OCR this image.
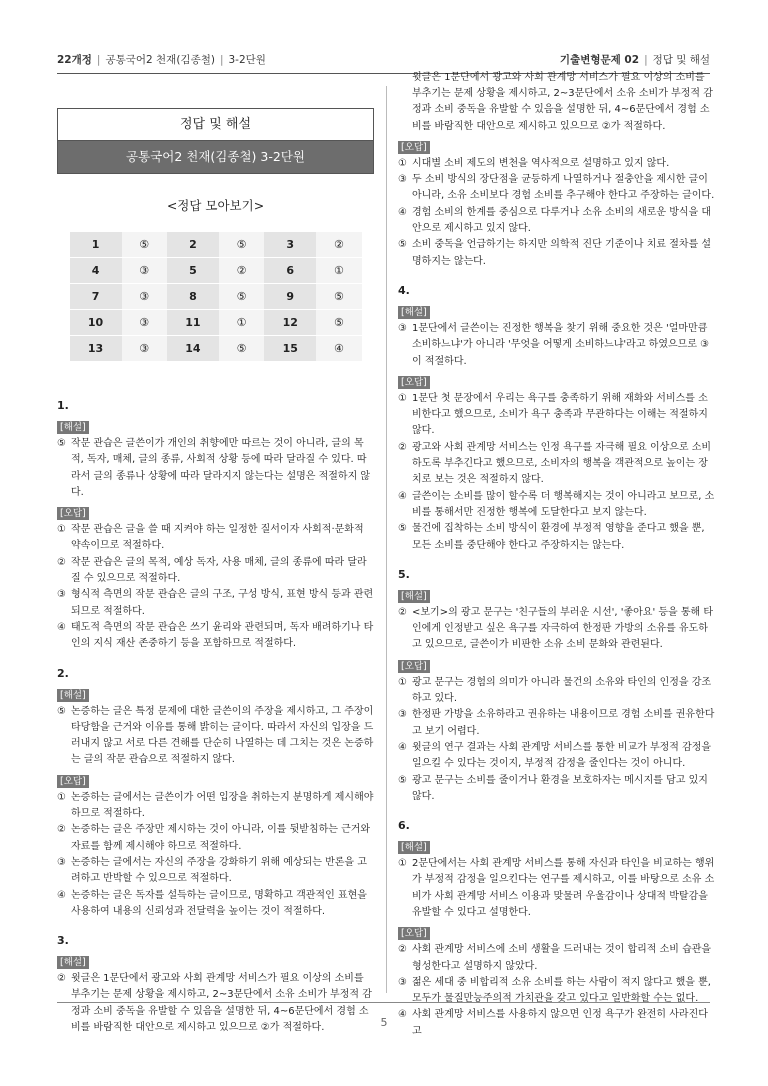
22개정 | 공통국어2 천재(김종철) | 3-2단원	기출변형문제 02 | 정답 및 해설
정답 및 해설
공통국어2 천재(김종철) 3-2단원
<정답 모아보기>
1	⑤	2	⑤	3	②
4	③	5	②	6	①
7	③	8	⑤	9	⑤
10	③	11	①	12	⑤
13	③	14	⑤	15	④

1.

[해설]

⑤ 작문 관습은 글쓴이가 개인의 취향에만 따르는 것이 아니라, 글의 목적, 독자, 매체, 글의 종류, 사회적 상황 등에 따라 달라질 수 있다. 따라서 글의 종류나 상황에 따라 달라지지 않는다는 설명은 적절하지 않다.

[오답]

① 작문 관습은 글을 쓸 때 지켜야 하는 일정한 질서이자 사회적·문화적 약속이므로 적절하다.

② 작문 관습은 글의 목적, 예상 독자, 사용 매체, 글의 종류에 따라 달라질 수 있으므로 적절하다.

③ 형식적 측면의 작문 관습은 글의 구조, 구성 방식, 표현 방식 등과 관련되므로 적절하다.

④ 태도적 측면의 작문 관습은 쓰기 윤리와 관련되며, 독자 배려하기나 타인의 지식 재산 존중하기 등을 포함하므로 적절하다.

2.

[해설]

⑤ 논증하는 글은 특정 문제에 대한 글쓴이의 주장을 제시하고, 그 주장이 타당함을 근거와 이유를 통해 밝히는 글이다. 따라서 자신의 입장을 드러내지 않고 서로 다른 견해를 단순히 나열하는 데 그치는 것은 논증하는 글의 작문 관습으로 적절하지 않다.

[오답]

① 논증하는 글에서는 글쓴이가 어떤 입장을 취하는지 분명하게 제시해야 하므로 적절하다.

② 논증하는 글은 주장만 제시하는 것이 아니라, 이를 뒷받침하는 근거와 자료를 함께 제시해야 하므로 적절하다.

③ 논증하는 글에서는 자신의 주장을 강화하기 위해 예상되는 반론을 고려하고 반박할 수 있으므로 적절하다.

④ 논증하는 글은 독자를 설득하는 글이므로, 명확하고 객관적인 표현을 사용하여 내용의 신뢰성과 전달력을 높이는 것이 적절하다.

3.

[해설]

② 윗글은 1문단에서 광고와 사회 관계망 서비스가 필요 이상의 소비를 부추기는 문제 상황을 제시하고, 2~3문단에서 소유 소비가 부정적 감정과 소비 중독을 유발할 수 있음을 설명한 뒤, 4~6문단에서 경험 소비를 바람직한 대안으로 제시하고 있으므로 ②가 적절하다.

윗글은 1문단에서 광고와 사회 관계망 서비스가 필요 이상의 소비를 부추기는 문제 상황을 제시하고, 2~3문단에서 소유 소비가 부정적 감정과 소비 중독을 유발할 수 있음을 설명한 뒤, 4~6문단에서 경험 소비를 바람직한 대안으로 제시하고 있으므로 ②가 적절하다.

[오답]

① 시대별 소비 제도의 변천을 역사적으로 설명하고 있지 않다.

③ 두 소비 방식의 장단점을 균등하게 나열하거나 절충안을 제시한 글이 아니라, 소유 소비보다 경험 소비를 추구해야 한다고 주장하는 글이다.

④ 경험 소비의 한계를 중심으로 다루거나 소유 소비의 새로운 방식을 대안으로 제시하고 있지 않다.

⑤ 소비 중독을 언급하기는 하지만 의학적 진단 기준이나 치료 절차를 설명하지는 않는다.

4.

[해설]

③ 1문단에서 글쓴이는 진정한 행복을 찾기 위해 중요한 것은 '얼마만큼 소비하느냐'가 아니라 '무엇을 어떻게 소비하느냐'라고 하였으므로 ③이 적절하다.

[오답]

① 1문단 첫 문장에서 우리는 욕구를 충족하기 위해 재화와 서비스를 소비한다고 했으므로, 소비가 욕구 충족과 무관하다는 이해는 적절하지 않다.

② 광고와 사회 관계망 서비스는 인정 욕구를 자극해 필요 이상으로 소비하도록 부추긴다고 했으므로, 소비자의 행복을 객관적으로 높이는 장치로 보는 것은 적절하지 않다.

④ 글쓴이는 소비를 많이 할수록 더 행복해지는 것이 아니라고 보므로, 소비를 통해서만 진정한 행복에 도달한다고 보지 않는다.

⑤ 물건에 집착하는 소비 방식이 환경에 부정적 영향을 준다고 했을 뿐, 모든 소비를 중단해야 한다고 주장하지는 않는다.

5.

[해설]

② <보기>의 광고 문구는 '친구들의 부러운 시선', '좋아요' 등을 통해 타인에게 인정받고 싶은 욕구를 자극하여 한정판 가방의 소유를 유도하고 있으므로, 글쓴이가 비판한 소유 소비 문화와 관련된다.

[오답]

① 광고 문구는 경험의 의미가 아니라 물건의 소유와 타인의 인정을 강조하고 있다.

③ 한정판 가방을 소유하라고 권유하는 내용이므로 경험 소비를 권유한다고 보기 어렵다.

④ 윗글의 연구 결과는 사회 관계망 서비스를 통한 비교가 부정적 감정을 일으킬 수 있다는 것이지, 부정적 감정을 줄인다는 것이 아니다.

⑤ 광고 문구는 소비를 줄이거나 환경을 보호하자는 메시지를 담고 있지 않다.

6.

[해설]

① 2문단에서는 사회 관계망 서비스를 통해 자신과 타인을 비교하는 행위가 부정적 감정을 일으킨다는 연구를 제시하고, 이를 바탕으로 소유 소비가 사회 관계망 서비스 이용과 맞물려 우울감이나 상대적 박탈감을 유발할 수 있다고 설명한다.

[오답]

② 사회 관계망 서비스에 소비 생활을 드러내는 것이 합리적 소비 습관을 형성한다고 설명하지 않았다.

③ 젊은 세대 중 비합리적 소유 소비를 하는 사람이 적지 않다고 했을 뿐, 모두가 물질만능주의적 가치관을 갖고 있다고 일반화할 수는 없다.

④ 사회 관계망 서비스를 사용하지 않으면 인정 욕구가 완전히 사라진다고

5
